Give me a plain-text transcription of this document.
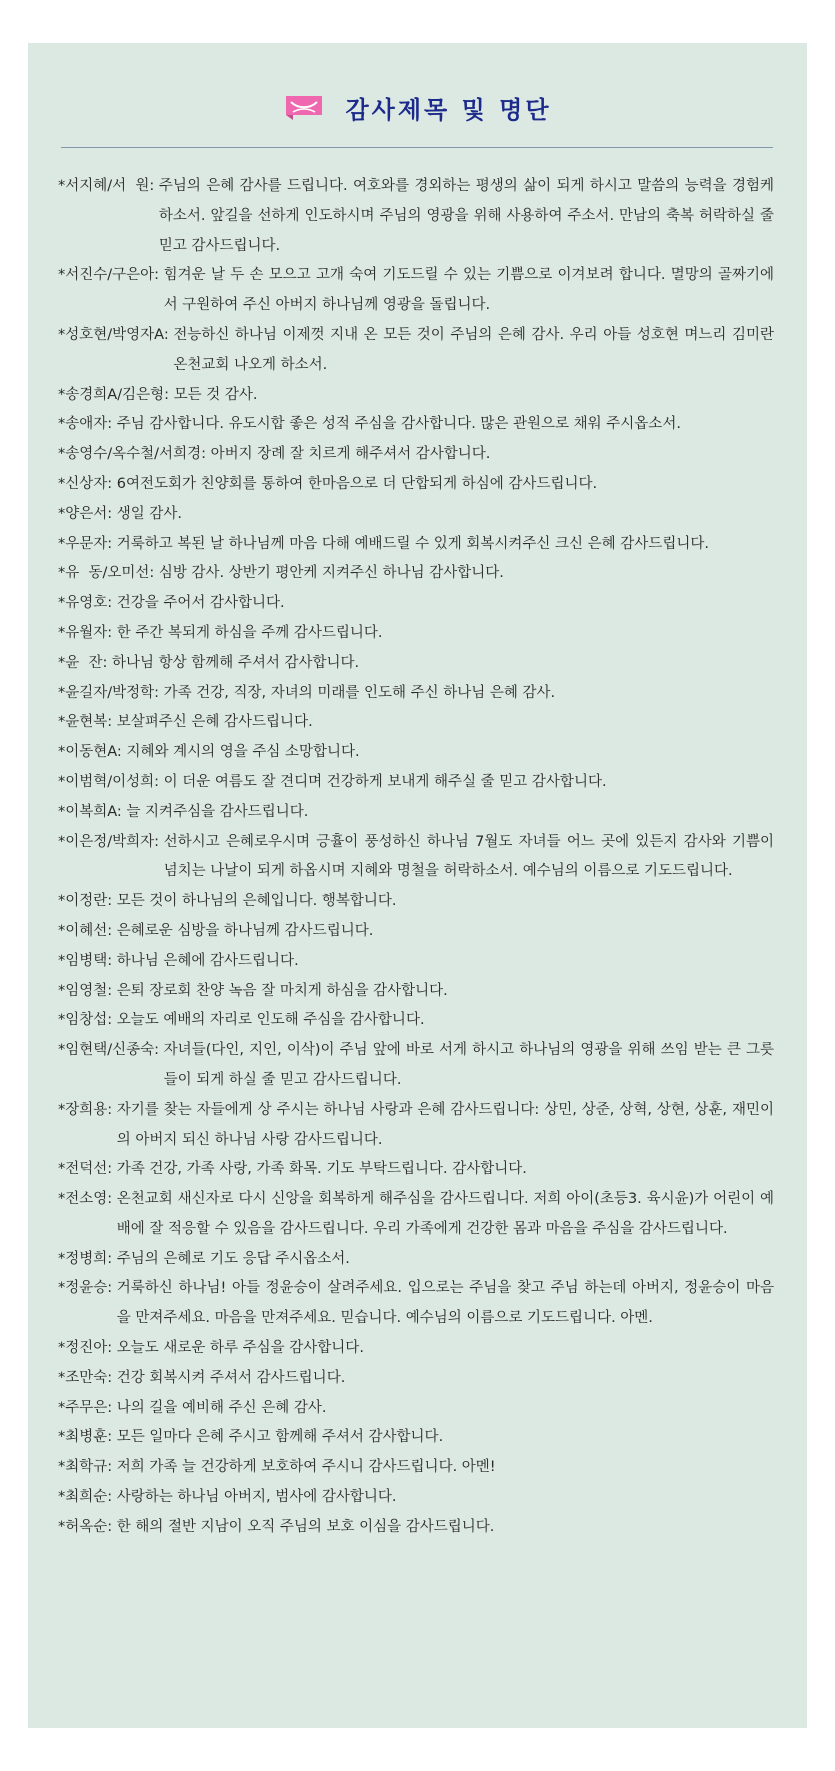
감사제목 및 명단
*서지혜/서  원: 주님의 은혜 감사를 드립니다. 여호와를 경외하는 평생의 삶이 되게 하시고 말씀의 능력을 경험케 하소서. 앞길을 선하게 인도하시며 주님의 영광을 위해 사용하여 주소서. 만남의 축복 허락하실 줄 믿고 감사드립니다.
*서진수/구은아: 힘겨운 날 두 손 모으고 고개 숙여 기도드릴 수 있는 기쁨으로 이겨보려 합니다. 멸망의 골짜기에서 구원하여 주신 아버지 하나님께 영광을 돌립니다.
*성호현/박영자A: 전능하신 하나님 이제껏 지내 온 모든 것이 주님의 은혜 감사. 우리 아들 성호현 며느리 김미란 온천교회 나오게 하소서.
*송경희A/김은형: 모든 것 감사.
*송애자: 주님 감사합니다. 유도시합 좋은 성적 주심을 감사합니다. 많은 관원으로 채워 주시옵소서.
*송영수/옥수철/서희경: 아버지 장례 잘 치르게 해주셔서 감사합니다.
*신상자: 6여전도회가 친양회를 통하여 한마음으로 더 단합되게 하심에 감사드립니다.
*양은서: 생일 감사.
*우문자: 거룩하고 복된 날 하나님께 마음 다해 예배드릴 수 있게 회복시켜주신 크신 은혜 감사드립니다.
*유  동/오미선: 심방 감사. 상반기 평안케 지켜주신 하나님 감사합니다.
*유영호: 건강을 주어서 감사합니다.
*유월자: 한 주간 복되게 하심을 주께 감사드립니다.
*윤  잔: 하나님 항상 함께해 주셔서 감사합니다.
*윤길자/박정학: 가족 건강, 직장, 자녀의 미래를 인도해 주신 하나님 은혜 감사.
*윤현복: 보살펴주신 은혜 감사드립니다.
*이동현A: 지혜와 계시의 영을 주심 소망합니다.
*이범혁/이성희: 이 더운 여름도 잘 견디며 건강하게 보내게 해주실 줄 믿고 감사합니다.
*이복희A: 늘 지켜주심을 감사드립니다.
*이은정/박희자: 선하시고 은혜로우시며 긍휼이 풍성하신 하나님 7월도 자녀들 어느 곳에 있든지 감사와 기쁨이 넘치는 나날이 되게 하옵시며 지혜와 명철을 허락하소서. 예수님의 이름으로 기도드립니다.
*이정란: 모든 것이 하나님의 은혜입니다. 행복합니다.
*이혜선: 은혜로운 심방을 하나님께 감사드립니다.
*임병택: 하나님 은혜에 감사드립니다.
*임영철: 은퇴 장로회 찬양 녹음 잘 마치게 하심을 감사합니다.
*임창섭: 오늘도 예배의 자리로 인도해 주심을 감사합니다.
*임현택/신종숙: 자녀들(다인, 지인, 이삭)이 주님 앞에 바로 서게 하시고 하나님의 영광을 위해 쓰임 받는 큰 그릇들이 되게 하실 줄 믿고 감사드립니다.
*장희용: 자기를 찾는 자들에게 상 주시는 하나님 사랑과 은혜 감사드립니다: 상민, 상준, 상혁, 상현, 상훈, 재민이의 아버지 되신 하나님 사랑 감사드립니다.
*전덕선: 가족 건강, 가족 사랑, 가족 화목. 기도 부탁드립니다. 감사합니다.
*전소영: 온천교회 새신자로 다시 신앙을 회복하게 해주심을 감사드립니다. 저희 아이(초등3. 육시윤)가 어린이 예배에 잘 적응할 수 있음을 감사드립니다. 우리 가족에게 건강한 몸과 마음을 주심을 감사드립니다.
*정병희: 주님의 은혜로 기도 응답 주시옵소서.
*정윤승: 거룩하신 하나님! 아들 정윤승이 살려주세요. 입으로는 주님을 찾고 주님 하는데 아버지, 정윤승이 마음을 만져주세요. 마음을 만져주세요. 믿습니다. 예수님의 이름으로 기도드립니다. 아멘.
*정진아: 오늘도 새로운 하루 주심을 감사합니다.
*조만숙: 건강 회복시켜 주셔서 감사드립니다.
*주무은: 나의 길을 예비해 주신 은혜 감사.
*최병훈: 모든 일마다 은혜 주시고 함께해 주셔서 감사합니다.
*최학규: 저희 가족 늘 건강하게 보호하여 주시니 감사드립니다. 아멘!
*최희순: 사랑하는 하나님 아버지, 범사에 감사합니다.
*허옥순: 한 해의 절반 지남이 오직 주님의 보호 이심을 감사드립니다.
